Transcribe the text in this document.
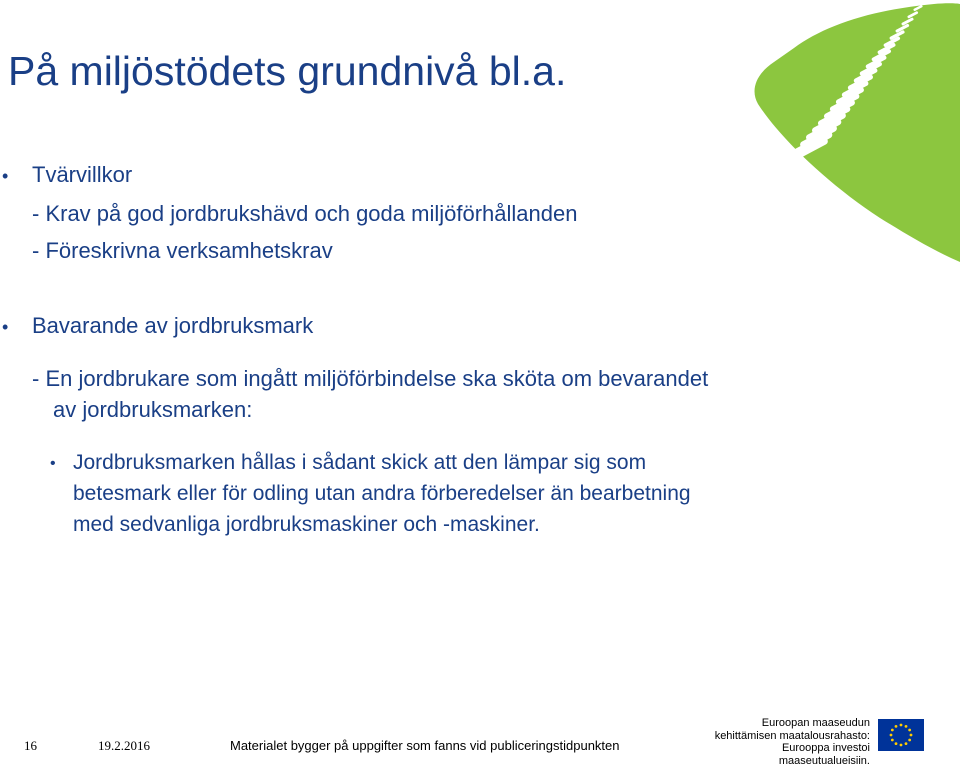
På miljöstödets grundnivå bl.a.
• Tvärvillkor
- Krav på god jordbrukshävd och goda miljöförhållanden
- Föreskrivna verksamhetskrav
• Bavarande av jordbruksmark
- En jordbrukare som ingått miljöförbindelse ska sköta om bevarandet
av jordbruksmarken:
• Jordbruksmarken hållas i sådant skick att den lämpar sig som
betesmark eller för odling utan andra förberedelser än bearbetning
med sedvanliga jordbruksmaskiner och -maskiner.
16	19.2.2016	Materialet bygger på uppgifter som fanns vid publiceringstidpunkten
Euroopan maaseudun
kehittämisen maatalousrahasto:
Eurooppa investoi maaseutualueisiin.
